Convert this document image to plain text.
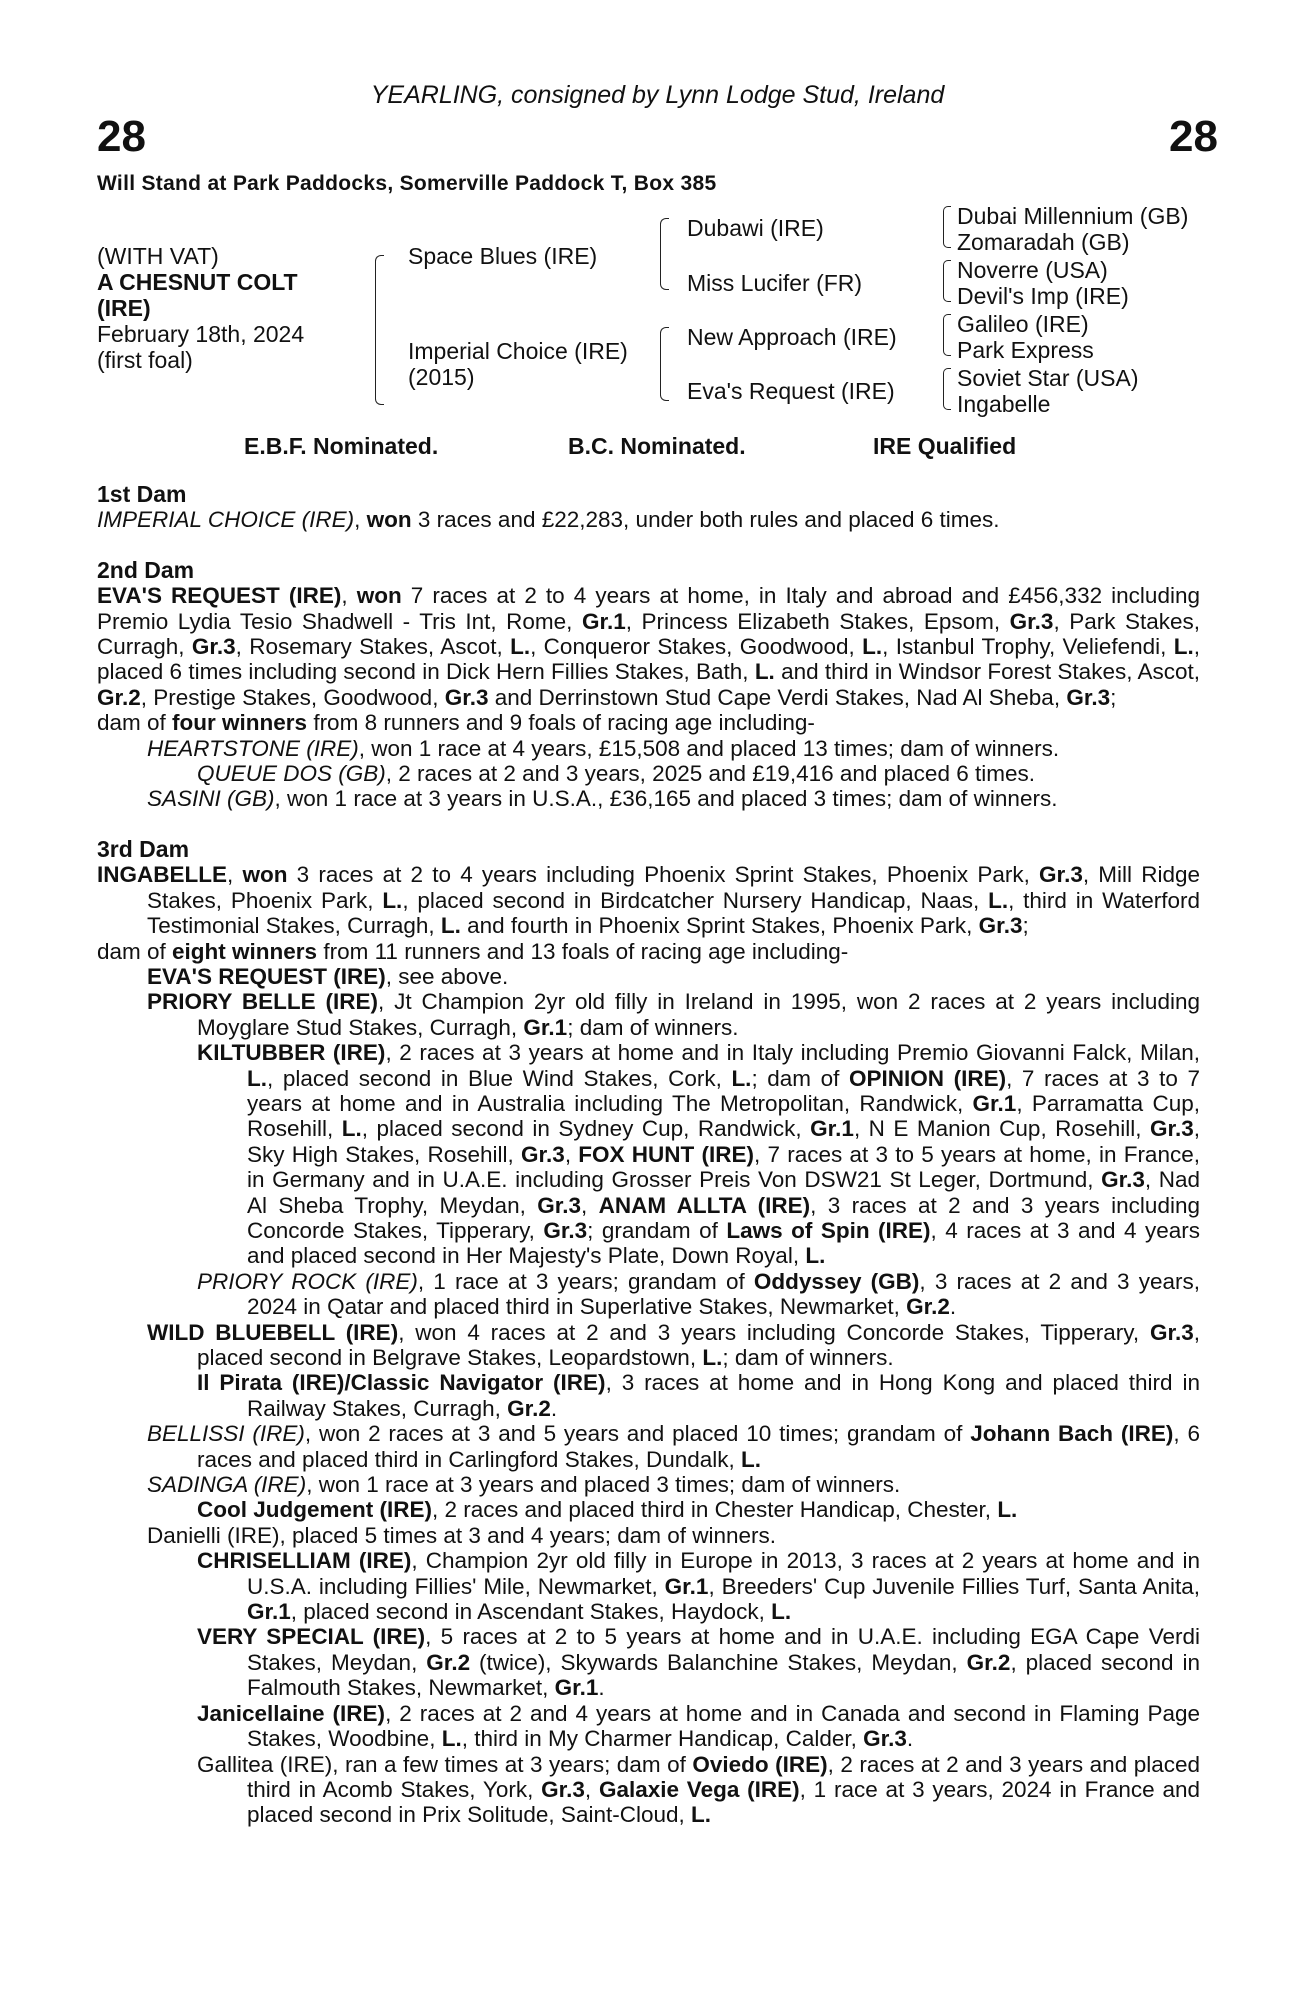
28	28
YEARLING, consigned by Lynn Lodge Stud, Ireland
Will Stand at Park Paddocks, Somerville Paddock T, Box 385
(WITH VAT)
A CHESNUT COLT
(IRE)
February 18th, 2024
(first foal)
Space Blues (IRE)
Imperial Choice (IRE)
(2015)
Dubawi (IRE)
Miss Lucifer (FR)
New Approach (IRE)
Eva's Request (IRE)
Dubai Millennium (GB)
Zomaradah (GB)
Noverre (USA)
Devil's Imp (IRE)
Galileo (IRE)
Park Express
Soviet Star (USA)
Ingabelle
E.B.F. Nominated.	B.C. Nominated.	IRE Qualified
1st Dam

IMPERIAL CHOICE (IRE), won 3 races and £22,283, under both rules and placed 6 times.

2nd Dam

EVA'S REQUEST (IRE), won 7 races at 2 to 4 years at home, in Italy and abroad and £456,332 including Premio Lydia Tesio Shadwell - Tris Int, Rome, Gr.1, Princess Elizabeth Stakes, Epsom, Gr.3, Park Stakes, Curragh, Gr.3, Rosemary Stakes, Ascot, L., Conqueror Stakes, Goodwood, L., Istanbul Trophy, Veliefendi, L., placed 6 times including second in Dick Hern Fillies Stakes, Bath, L. and third in Windsor Forest Stakes, Ascot, Gr.2, Prestige Stakes, Goodwood, Gr.3 and Derrinstown Stud Cape Verdi Stakes, Nad Al Sheba, Gr.3;

dam of four winners from 8 runners and 9 foals of racing age including-

HEARTSTONE (IRE), won 1 race at 4 years, £15,508 and placed 13 times; dam of winners.

QUEUE DOS (GB), 2 races at 2 and 3 years, 2025 and £19,416 and placed 6 times.

SASINI (GB), won 1 race at 3 years in U.S.A., £36,165 and placed 3 times; dam of winners.

3rd Dam

INGABELLE, won 3 races at 2 to 4 years including Phoenix Sprint Stakes, Phoenix Park, Gr.3, Mill Ridge Stakes, Phoenix Park, L., placed second in Birdcatcher Nursery Handicap, Naas, L., third in Waterford Testimonial Stakes, Curragh, L. and fourth in Phoenix Sprint Stakes, Phoenix Park, Gr.3;

dam of eight winners from 11 runners and 13 foals of racing age including-

EVA'S REQUEST (IRE), see above.

PRIORY BELLE (IRE), Jt Champion 2yr old filly in Ireland in 1995, won 2 races at 2 years including Moyglare Stud Stakes, Curragh, Gr.1; dam of winners.

KILTUBBER (IRE), 2 races at 3 years at home and in Italy including Premio Giovanni Falck, Milan, L., placed second in Blue Wind Stakes, Cork, L.; dam of OPINION (IRE), 7 races at 3 to 7 years at home and in Australia including The Metropolitan, Randwick, Gr.1, Parramatta Cup, Rosehill, L., placed second in Sydney Cup, Randwick, Gr.1, N E Manion Cup, Rosehill, Gr.3, Sky High Stakes, Rosehill, Gr.3, FOX HUNT (IRE), 7 races at 3 to 5 years at home, in France, in Germany and in U.A.E. including Grosser Preis Von DSW21 St Leger, Dortmund, Gr.3, Nad Al Sheba Trophy, Meydan, Gr.3, ANAM ALLTA (IRE), 3 races at 2 and 3 years including Concorde Stakes, Tipperary, Gr.3; grandam of Laws of Spin (IRE), 4 races at 3 and 4 years and placed second in Her Majesty's Plate, Down Royal, L.

PRIORY ROCK (IRE), 1 race at 3 years; grandam of Oddyssey (GB), 3 races at 2 and 3 years, 2024 in Qatar and placed third in Superlative Stakes, Newmarket, Gr.2.

WILD BLUEBELL (IRE), won 4 races at 2 and 3 years including Concorde Stakes, Tipperary, Gr.3, placed second in Belgrave Stakes, Leopardstown, L.; dam of winners.

Il Pirata (IRE)/Classic Navigator (IRE), 3 races at home and in Hong Kong and placed third in Railway Stakes, Curragh, Gr.2.

BELLISSI (IRE), won 2 races at 3 and 5 years and placed 10 times; grandam of Johann Bach (IRE), 6 races and placed third in Carlingford Stakes, Dundalk, L.

SADINGA (IRE), won 1 race at 3 years and placed 3 times; dam of winners.

Cool Judgement (IRE), 2 races and placed third in Chester Handicap, Chester, L.

Danielli (IRE), placed 5 times at 3 and 4 years; dam of winners.

CHRISELLIAM (IRE), Champion 2yr old filly in Europe in 2013, 3 races at 2 years at home and in U.S.A. including Fillies' Mile, Newmarket, Gr.1, Breeders' Cup Juvenile Fillies Turf, Santa Anita, Gr.1, placed second in Ascendant Stakes, Haydock, L.

VERY SPECIAL (IRE), 5 races at 2 to 5 years at home and in U.A.E. including EGA Cape Verdi Stakes, Meydan, Gr.2 (twice), Skywards Balanchine Stakes, Meydan, Gr.2, placed second in Falmouth Stakes, Newmarket, Gr.1.

Janicellaine (IRE), 2 races at 2 and 4 years at home and in Canada and second in Flaming Page Stakes, Woodbine, L., third in My Charmer Handicap, Calder, Gr.3.

Gallitea (IRE), ran a few times at 3 years; dam of Oviedo (IRE), 2 races at 2 and 3 years and placed third in Acomb Stakes, York, Gr.3, Galaxie Vega (IRE), 1 race at 3 years, 2024 in France and placed second in Prix Solitude, Saint-Cloud, L.
